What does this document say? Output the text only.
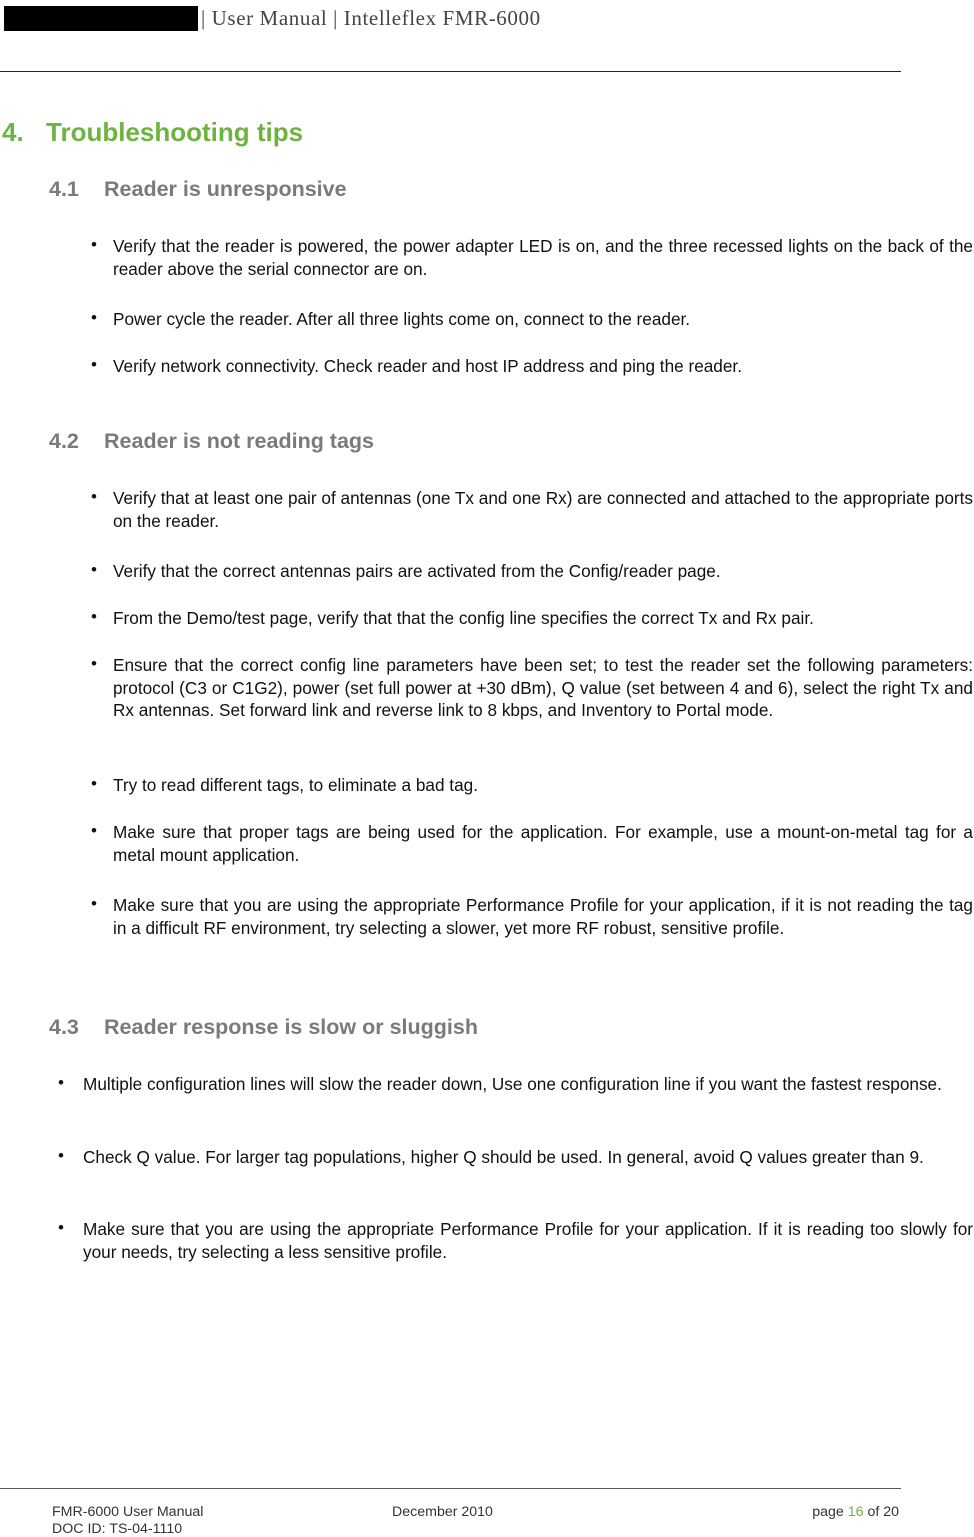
| User Manual | Intelleflex FMR-6000
4. Troubleshooting tips
4.1 Reader is unresponsive
• Verify that the reader is powered, the power adapter LED is on, and the three recessed lights on the back of the reader above the serial connector are on.
• Power cycle the reader. After all three lights come on, connect to the reader.
• Verify network connectivity. Check reader and host IP address and ping the reader.
4.2 Reader is not reading tags
• Verify that at least one pair of antennas (one Tx and one Rx) are connected and attached to the appropriate ports on the reader.
• Verify that the correct antennas pairs are activated from the Config/reader page.
• From the Demo/test page, verify that that the config line specifies the correct Tx and Rx pair.
• Ensure that the correct config line parameters have been set; to test the reader set the following parameters: protocol (C3 or C1G2), power (set full power at +30 dBm), Q value (set between 4 and 6), select the right Tx and Rx antennas. Set forward link and reverse link to 8 kbps, and Inventory to Portal mode.
• Try to read different tags, to eliminate a bad tag.
• Make sure that proper tags are being used for the application. For example, use a mount-on-metal tag for a metal mount application.
• Make sure that you are using the appropriate Performance Profile for your application, if it is not reading the tag in a difficult RF environment, try selecting a slower, yet more RF robust, sensitive profile.
4.3 Reader response is slow or sluggish
• Multiple configuration lines will slow the reader down, Use one configuration line if you want the fastest response.
• Check Q value. For larger tag populations, higher Q should be used. In general, avoid Q values greater than 9.
• Make sure that you are using the appropriate Performance Profile for your application. If it is reading too slowly for your needs, try selecting a less sensitive profile.
FMR-6000 User Manual
DOC ID: TS-04-1110
December 2010	page 16 of 20
